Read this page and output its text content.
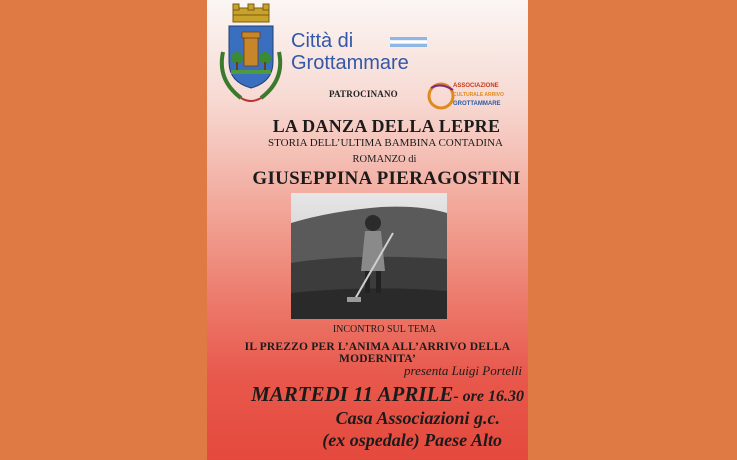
Città di
Grottammare
PATROCINANO
ASSOCIAZIONE
CULTURALE ARRIVO
GROTTAMMARE
LA DANZA DELLA LEPRE
STORIA DELL’ULTIMA BAMBINA CONTADINA
ROMANZO di
GIUSEPPINA PIERAGOSTINI
INCONTRO SUL TEMA
IL PREZZO PER L’ANIMA ALL’ARRIVO DELLA MODERNITA’
presenta Luigi Portelli
MARTEDI 11 APRILE- ore 16.30
Casa Associazioni g.c.
(ex ospedale) Paese Alto
